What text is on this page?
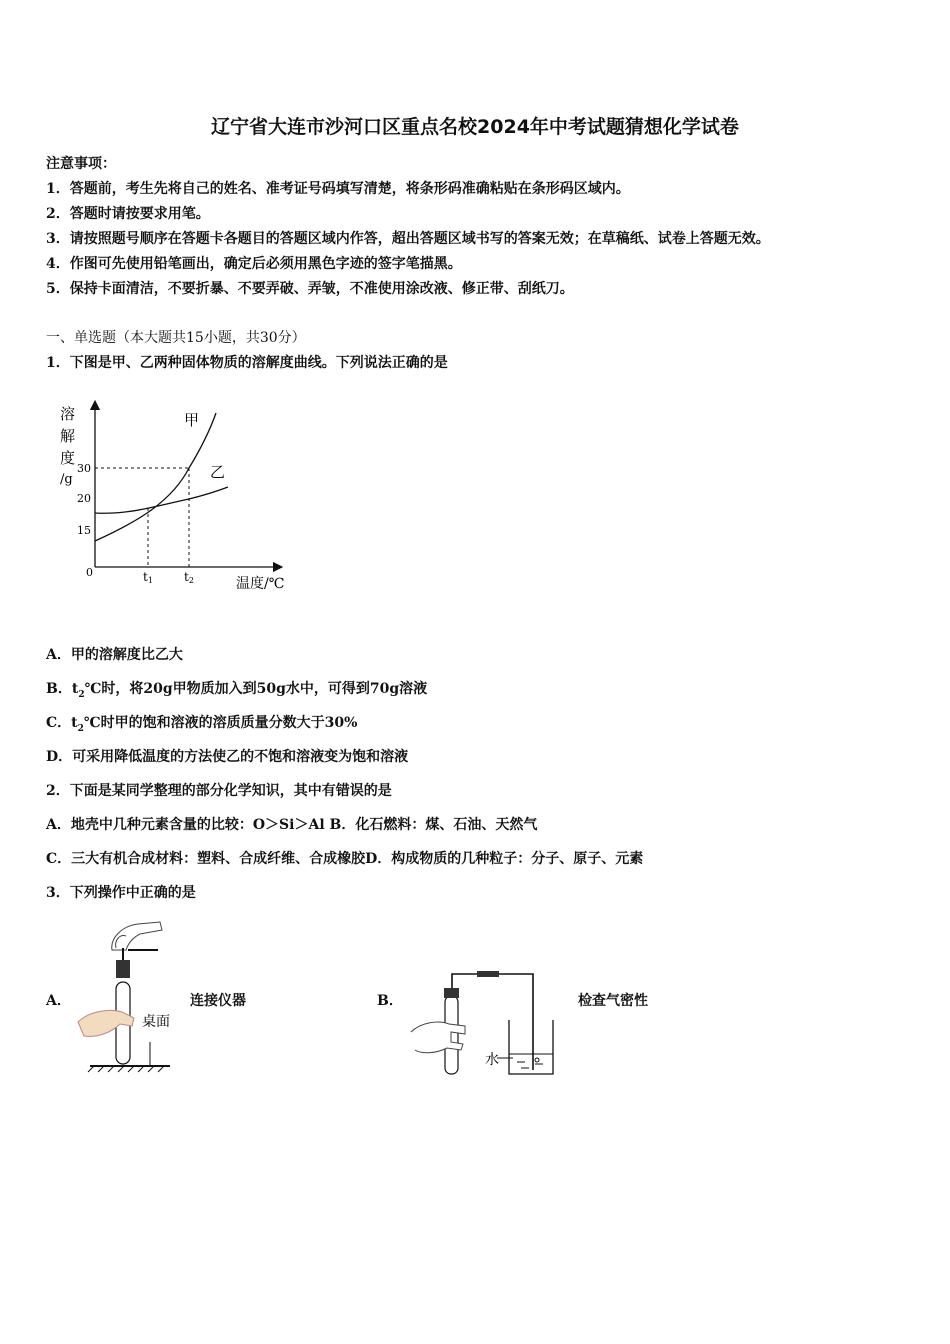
辽宁省大连市沙河口区重点名校2024年中考试题猜想化学试卷
注意事项：
1．答题前，考生先将自己的姓名、准考证号码填写清楚，将条形码准确粘贴在条形码区域内。
2．答题时请按要求用笔。
3．请按照题号顺序在答题卡各题目的答题区域内作答，超出答题区域书写的答案无效；在草稿纸、试卷上答题无效。
4．作图可先使用铅笔画出，确定后必须用黑色字迹的签字笔描黑。
5．保持卡面清洁，不要折暴、不要弄破、弄皱，不准使用涂改液、修正带、刮纸刀。
一、单选题（本大题共15小题，共30分）
1．下图是甲、乙两种固体物质的溶解度曲线。下列说法正确的是
溶
解
度
/g
30
20
15
0
甲
乙
t1	t2	温度/℃
A．甲的溶解度比乙大
B．$t_2℃$时，将20g甲物质加入到50g水中，可得到70g溶液
C．$t_2℃$时甲的饱和溶液的溶质质量分数大于30%
D．可采用降低温度的方法使乙的不饱和溶液变为饱和溶液
2．下面是某同学整理的部分化学知识，其中有错误的是
A．地壳中几种元素含量的比较：O＞Si＞Al B．化石燃料：煤、石油、天然气
C．三大有机合成材料：塑料、合成纤维、合成橡胶D．构成物质的几种粒子：分子、原子、元素
3．下列操作中正确的是
A．
桌面
连接仪器	B．
水
检查气密性
